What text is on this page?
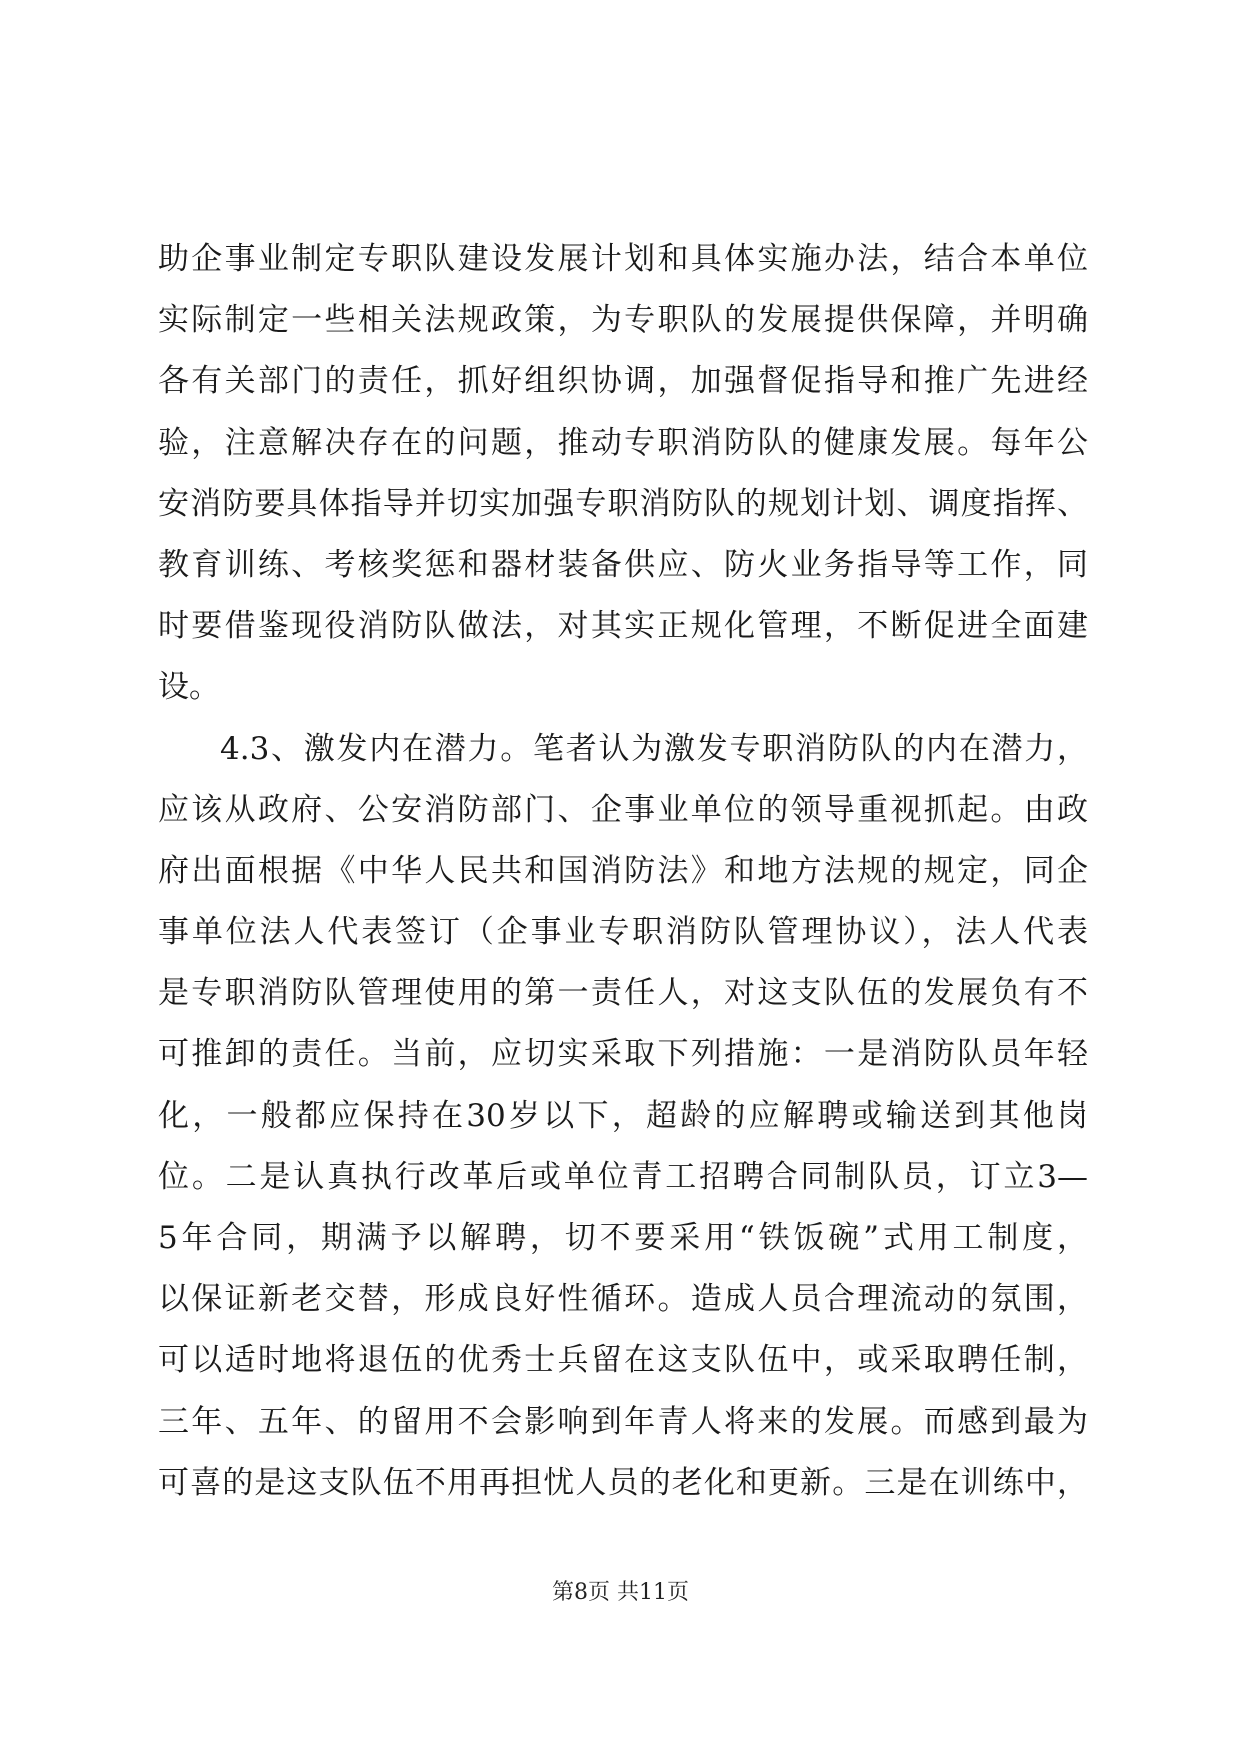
助企事业制定专职队建设发展计划和具体实施办法，结合本单位
实际制定一些相关法规政策，为专职队的发展提供保障，并明确
各有关部门的责任，抓好组织协调，加强督促指导和推广先进经
验，注意解决存在的问题，推动专职消防队的健康发展。每年公
安消防要具体指导并切实加强专职消防队的规划计划、调度指挥、
教育训练、考核奖惩和器材装备供应、防火业务指导等工作，同
时要借鉴现役消防队做法，对其实正规化管理，不断促进全面建
设。
4.3、激发内在潜力。笔者认为激发专职消防队的内在潜力，
应该从政府、公安消防部门、企事业单位的领导重视抓起。由政
府出面根据《中华人民共和国消防法》和地方法规的规定，同企
事单位法人代表签订（企事业专职消防队管理协议），法人代表
是专职消防队管理使用的第一责任人，对这支队伍的发展负有不
可推卸的责任。当前，应切实采取下列措施：一是消防队员年轻
化，一般都应保持在30岁以下，超龄的应解聘或输送到其他岗
位。二是认真执行改革后或单位青工招聘合同制队员，订立3—
5年合同，期满予以解聘，切不要采用“铁饭碗”式用工制度，
以保证新老交替，形成良好性循环。造成人员合理流动的氛围，
可以适时地将退伍的优秀士兵留在这支队伍中，或采取聘任制，
三年、五年、的留用不会影响到年青人将来的发展。而感到最为
可喜的是这支队伍不用再担忧人员的老化和更新。三是在训练中，
第8页 共11页
